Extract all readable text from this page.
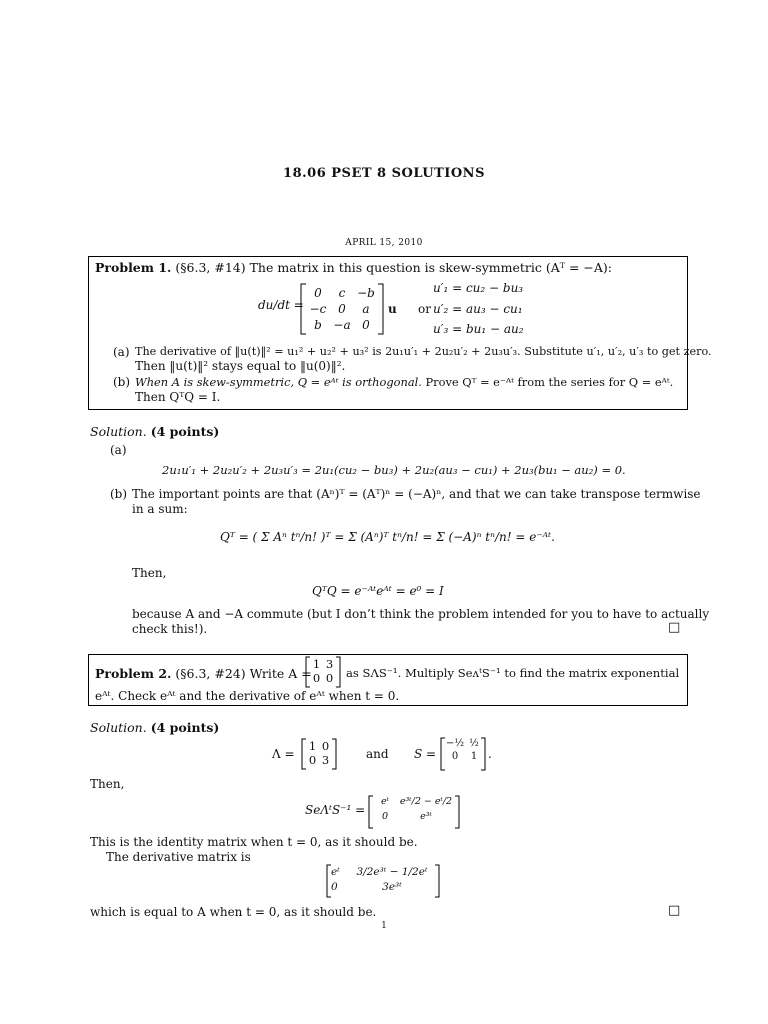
18.06 PSET 8 SOLUTIONS
APRIL 15, 2010
Problem 1. (§6.3, #14) The matrix in this question is skew-symmetric (Aᵀ = −A):
du/dt =
0	c −b
−c 0	a
b −a 0
u or
u′₁ = cu₂ − bu₃
u′₂ = au₃ − cu₁
u′₃ = bu₁ − au₂
(a) The derivative of ‖u(t)‖² = u₁² + u₂² + u₃² is 2u₁u′₁ + 2u₂u′₂ + 2u₃u′₃. Substitute u′₁, u′₂, u′₃ to get zero.
Then ‖u(t)‖² stays equal to ‖u(0)‖².
(b) When A is skew-symmetric, Q = eᴬᵗ is orthogonal. Prove Qᵀ = e⁻ᴬᵗ from the series for Q = eᴬᵗ.
Then QᵀQ = I.
Solution. (4 points)
(a)
2u₁u′₁ + 2u₂u′₂ + 2u₃u′₃ = 2u₁(cu₂ − bu₃) + 2u₂(au₃ − cu₁) + 2u₃(bu₁ − au₂) = 0.
(b) The important points are that (Aⁿ)ᵀ = (Aᵀ)ⁿ = (−A)ⁿ, and that we can take transpose termwise
in a sum:
Qᵀ = ( Σ Aⁿ tⁿ/n! )ᵀ = Σ (Aⁿ)ᵀ tⁿ/n! = Σ (−A)ⁿ tⁿ/n! = e⁻ᴬᵗ.
Then,
QᵀQ = e⁻ᴬᵗeᴬᵗ = e⁰ = I
because A and −A commute (but I don’t think the problem intended for you to have to actually
check this!).	□
Problem 2. (§6.3, #24) Write A =
1 3
0 0 as SΛS⁻¹. Multiply SeᴧᵗS⁻¹ to find the matrix exponential
eᴬᵗ. Check eᴬᵗ and the derivative of eᴬᵗ when t = 0.
Solution. (4 points)
Λ =
1 0
0 3	and S =
−½ ½
0	1 .
Then,
SeΛᵗS⁻¹ =
eᵗ	e³ᵗ/2 − eᵗ/2
0	e³ᵗ
This is the identity matrix when t = 0, as it should be.
The derivative matrix is
eᵗ	3/2e³ᵗ − 1/2eᵗ
0	3e³ᵗ
which is equal to A when t = 0, as it should be.	□
1
